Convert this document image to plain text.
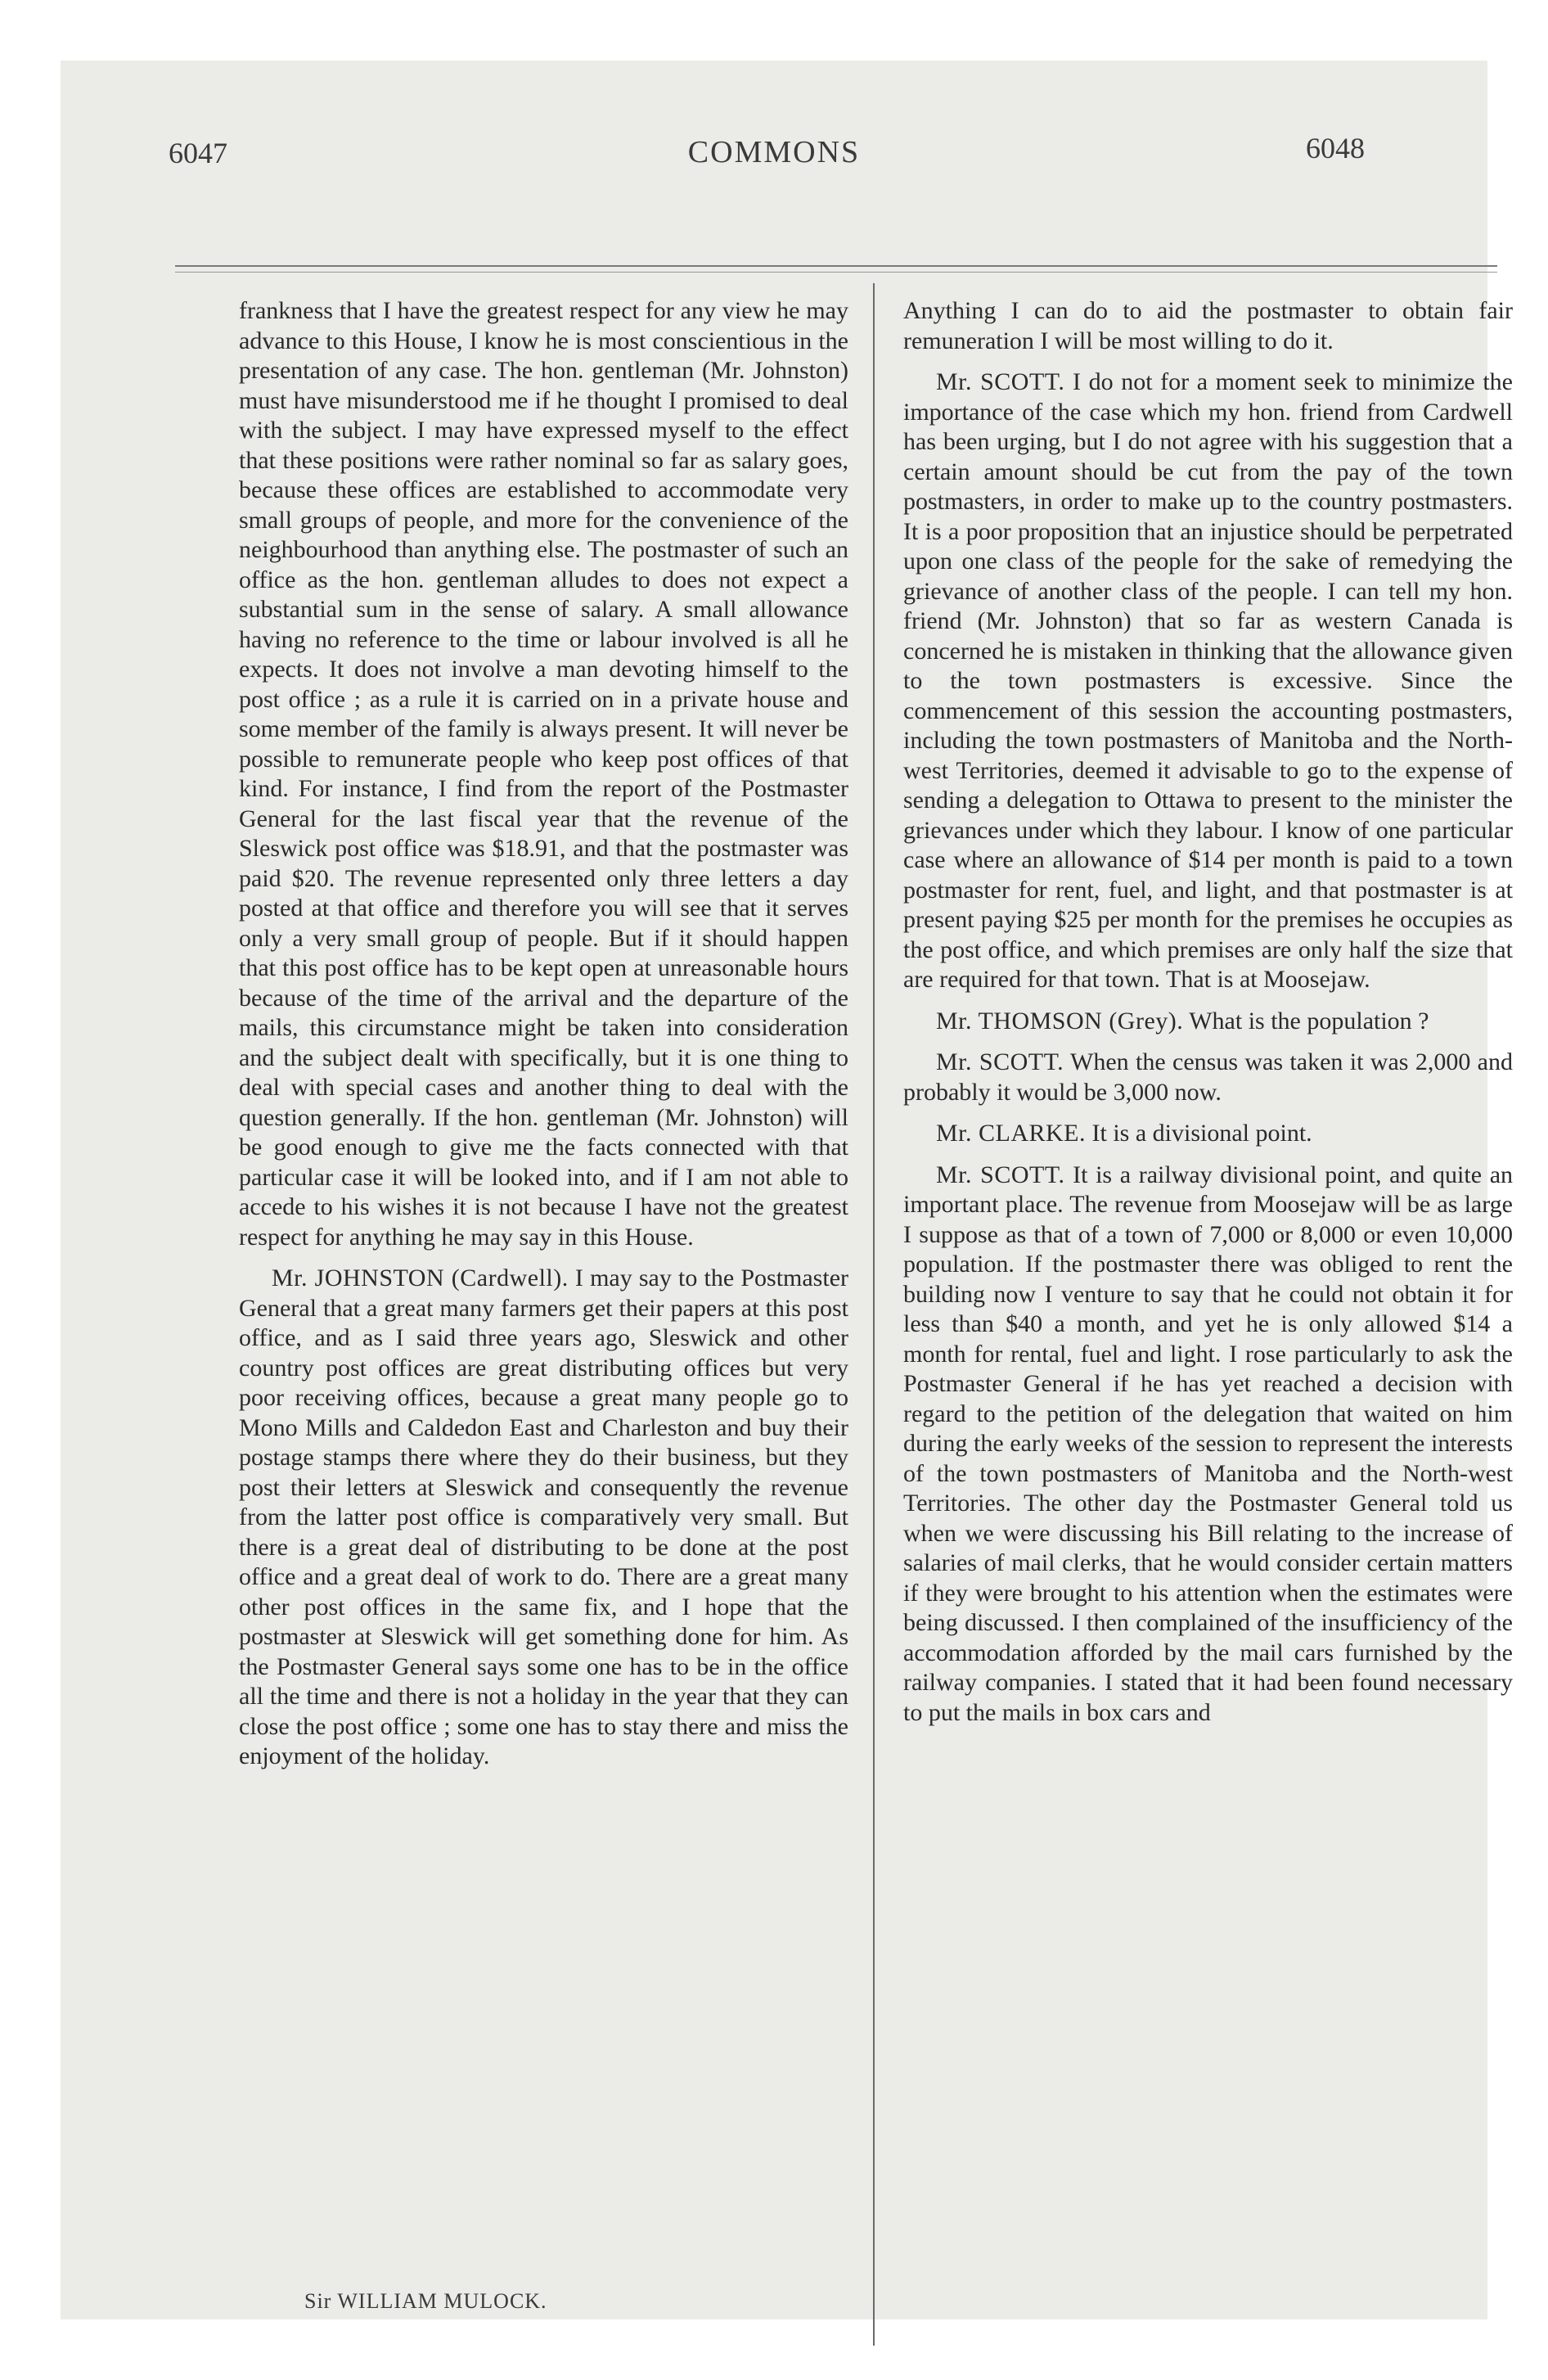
6047	COMMONS	6048

frankness that I have the greatest respect for any view he may advance to this House, I know he is most conscientious in the presentation of any case. The hon. gentleman (Mr. Johnston) must have misunderstood me if he thought I promised to deal with the subject. I may have expressed myself to the effect that these positions were rather nominal so far as salary goes, because these offices are established to accommodate very small groups of people, and more for the convenience of the neighbourhood than anything else. The postmaster of such an office as the hon. gentleman alludes to does not expect a substantial sum in the sense of salary. A small allowance having no reference to the time or labour involved is all he expects. It does not involve a man devoting himself to the post office ; as a rule it is carried on in a private house and some member of the family is always present. It will never be possible to remunerate people who keep post offices of that kind. For instance, I find from the report of the Postmaster General for the last fiscal year that the revenue of the Sleswick post office was $18.91, and that the postmaster was paid $20. The revenue represented only three letters a day posted at that office and therefore you will see that it serves only a very small group of people. But if it should happen that this post office has to be kept open at unreasonable hours because of the time of the arrival and the departure of the mails, this circumstance might be taken into consideration and the subject dealt with specifically, but it is one thing to deal with special cases and another thing to deal with the question generally. If the hon. gentleman (Mr. Johnston) will be good enough to give me the facts connected with that particular case it will be looked into, and if I am not able to accede to his wishes it is not because I have not the greatest respect for anything he may say in this House.

Mr. JOHNSTON (Cardwell). I may say to the Postmaster General that a great many farmers get their papers at this post office, and as I said three years ago, Sleswick and other country post offices are great distributing offices but very poor receiving offices, because a great many people go to Mono Mills and Caldedon East and Charleston and buy their postage stamps there where they do their business, but they post their letters at Sleswick and consequently the revenue from the latter post office is comparatively very small. But there is a great deal of distributing to be done at the post office and a great deal of work to do. There are a great many other post offices in the same fix, and I hope that the postmaster at Sleswick will get something done for him. As the Postmaster General says some one has to be in the office all the time and there is not a holiday in the year that they can close the post office ; some one has to stay there and miss the enjoyment of the holiday.

Anything I can do to aid the postmaster to obtain fair remuneration I will be most willing to do it.

Mr. SCOTT. I do not for a moment seek to minimize the importance of the case which my hon. friend from Cardwell has been urging, but I do not agree with his suggestion that a certain amount should be cut from the pay of the town postmasters, in order to make up to the country postmasters. It is a poor proposition that an injustice should be perpetrated upon one class of the people for the sake of remedying the grievance of another class of the people. I can tell my hon. friend (Mr. Johnston) that so far as western Canada is concerned he is mistaken in thinking that the allowance given to the town postmasters is excessive. Since the commencement of this session the accounting postmasters, including the town postmasters of Manitoba and the North-west Territories, deemed it advisable to go to the expense of sending a delegation to Ottawa to present to the minister the grievances under which they labour. I know of one particular case where an allowance of $14 per month is paid to a town postmaster for rent, fuel, and light, and that postmaster is at present paying $25 per month for the premises he occupies as the post office, and which premises are only half the size that are required for that town. That is at Moosejaw.

Mr. THOMSON (Grey). What is the population ?

Mr. SCOTT. When the census was taken it was 2,000 and probably it would be 3,000 now.

Mr. CLARKE. It is a divisional point.

Mr. SCOTT. It is a railway divisional point, and quite an important place. The revenue from Moosejaw will be as large I suppose as that of a town of 7,000 or 8,000 or even 10,000 population. If the postmaster there was obliged to rent the building now I venture to say that he could not obtain it for less than $40 a month, and yet he is only allowed $14 a month for rental, fuel and light. I rose particularly to ask the Postmaster General if he has yet reached a decision with regard to the petition of the delegation that waited on him during the early weeks of the session to represent the interests of the town postmasters of Manitoba and the North-west Territories. The other day the Postmaster General told us when we were discussing his Bill relating to the increase of salaries of mail clerks, that he would consider certain matters if they were brought to his attention when the estimates were being discussed. I then complained of the insufficiency of the accommodation afforded by the mail cars furnished by the railway companies. I stated that it had been found necessary to put the mails in box cars and

Sir WILLIAM MULOCK.
